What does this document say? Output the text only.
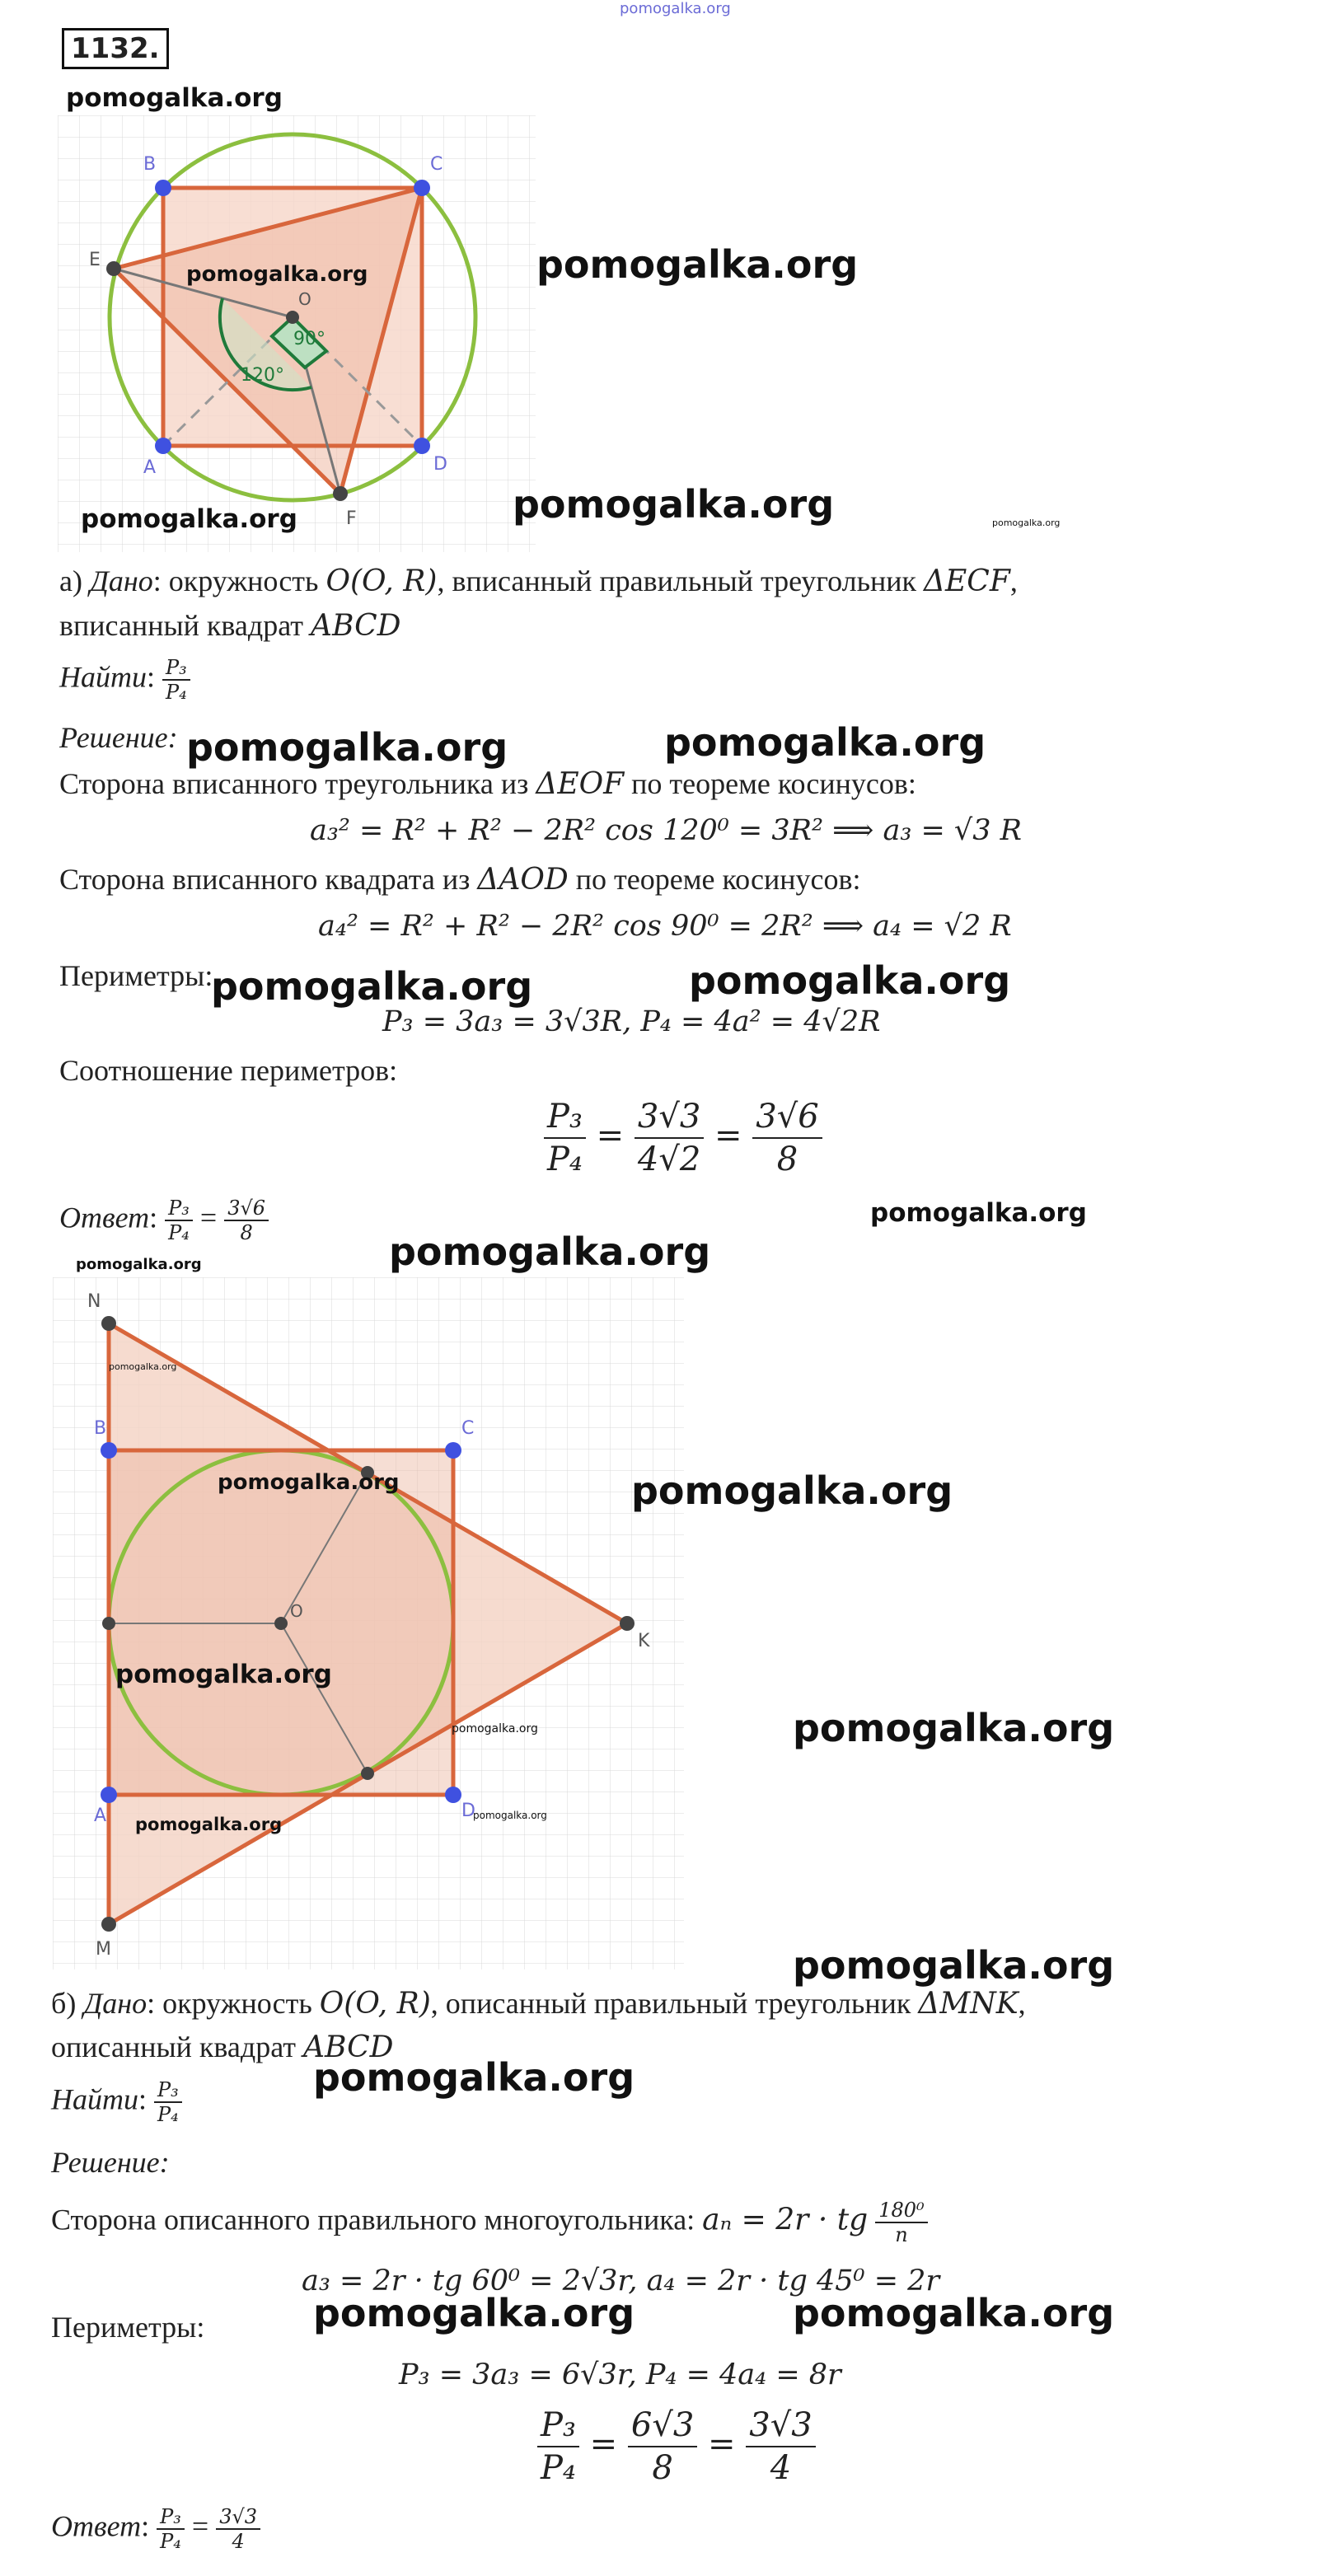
pomogalka.org
1132.
120°
90°
B	C
A	D
E
F
O
pomogalka.org
pomogalka.org	pomogalka.org
pomogalka.org
pomogalka.org	pomogalka.org
а) Дано: окружность O(O, R), вписанный правильный треугольник ΔECF,
вписанный квадрат ABCD
Найти: $\frac{\text{P₃}}{\text{P₄}}$
Решение: pomogalka.org	pomogalka.org
Сторона вписанного треугольника из ΔEOF по теореме косинусов:
a₃² = R² + R² − 2R² cos 120⁰ = 3R² ⟹ a₃ = √3 R
Сторона вписанного квадрата из ΔAOD по теореме косинусов:
a₄² = R² + R² − 2R² cos 90⁰ = 2R² ⟹ a₄ = √2 R
Периметры:
pomogalka.org	pomogalka.org
P₃ = 3a₃ = 3√3R, P₄ = 4a² = 4√2R
Соотношение периметров:
$\frac{\text{P₃}}{\text{P₄}} = \frac{3√3}{4√2} = \frac{3√6}{8}$
Ответ: $\frac{\text{P₃}}{\text{P₄}} = \frac{3√6}{8}$	pomogalka.org
pomogalka.org	pomogalka.org
N
B	C
O
K
A	D
M
pomogalka.org
pomogalka.org	pomogalka.org
pomogalka.org
pomogalka.org	pomogalka.org
pomogalka.org
pomogalka.org
pomogalka.org
б) Дано: окружность O(O, R), описанный правильный треугольник ΔMNK,
описанный квадрат ABCD
Найти: $\frac{\text{P₃}}{\text{P₄}}$
pomogalka.org
Решение:
Сторона описанного правильного многоугольника: aₙ = 2r · tg $\frac{\text{180⁰}}{n}$
a₃ = 2r · tg 60⁰ = 2√3r, a₄ = 2r · tg 45⁰ = 2r
Периметры:	pomogalka.org	pomogalka.org
P₃ = 3a₃ = 6√3r, P₄ = 4a₄ = 8r
$\frac{\text{P₃}}{\text{P₄}} = \frac{6√3}{8} = \frac{3√3}{4}$
Ответ: $\frac{\text{P₃}}{\text{P₄}} = \frac{3√3}{4}$
